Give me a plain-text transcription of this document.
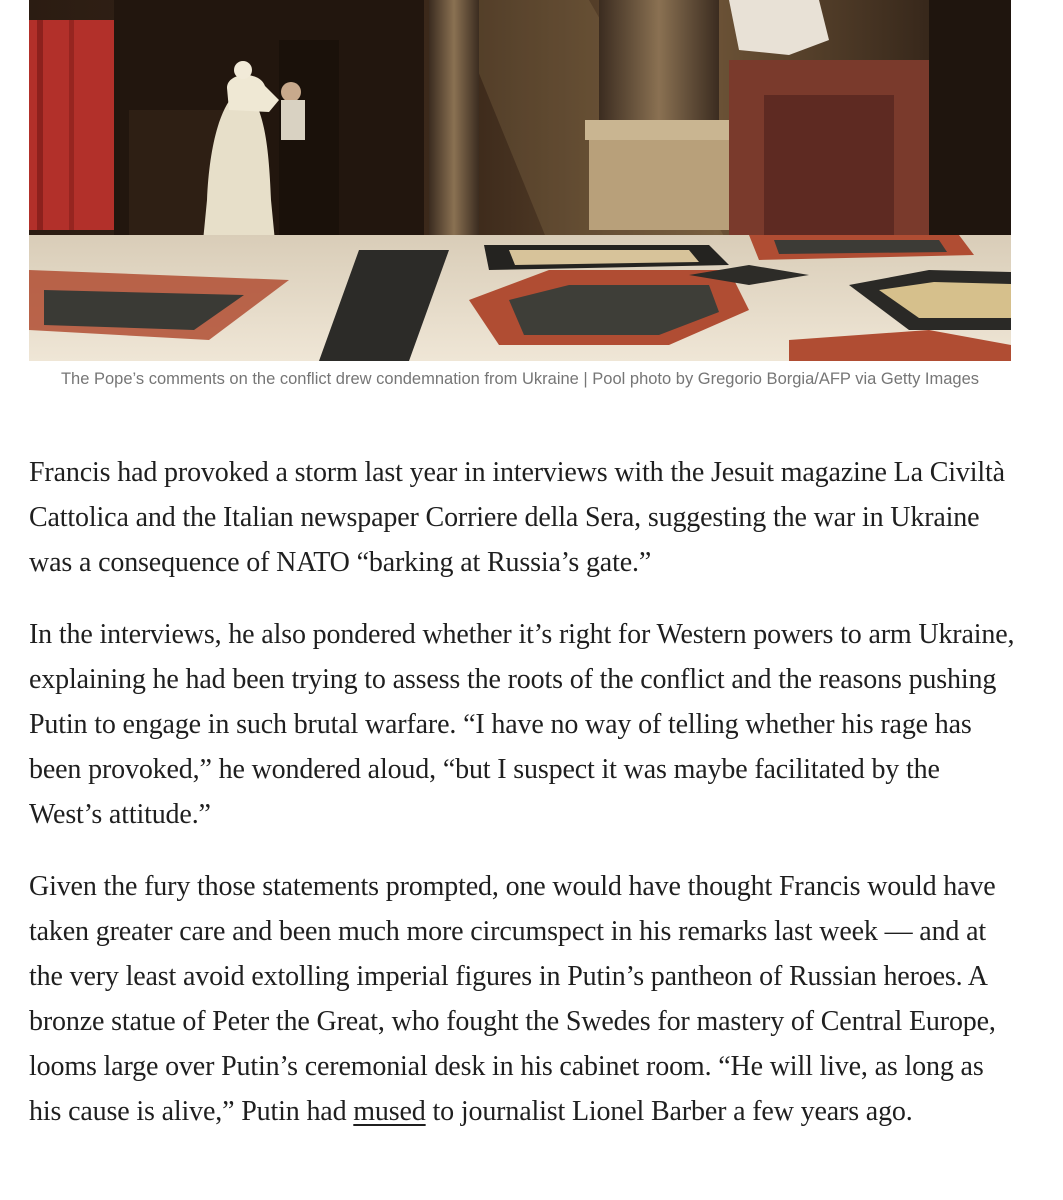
The Pope’s comments on the conflict drew condemnation from Ukraine | Pool photo by Gregorio Borgia/AFP via Getty Images

Francis had provoked a storm last year in interviews with the Jesuit magazine La Civiltà Cattolica and the Italian newspaper Corriere della Sera, suggesting the war in Ukraine was a consequence of NATO “barking at Russia’s gate.”

In the interviews, he also pondered whether it’s right for Western powers to arm Ukraine, explaining he had been trying to assess the roots of the conflict and the reasons pushing Putin to engage in such brutal warfare. “I have no way of telling whether his rage has been provoked,” he wondered aloud, “but I suspect it was maybe facilitated by the West’s attitude.”

Given the fury those statements prompted, one would have thought Francis would have taken greater care and been much more circumspect in his remarks last week — and at the very least avoid extolling imperial figures in Putin’s pantheon of Russian heroes. A bronze statue of Peter the Great, who fought the Swedes for mastery of Central Europe, looms large over Putin’s ceremonial desk in his cabinet room. “He will live, as long as his cause is alive,” Putin had mused to journalist Lionel Barber a few years ago.
